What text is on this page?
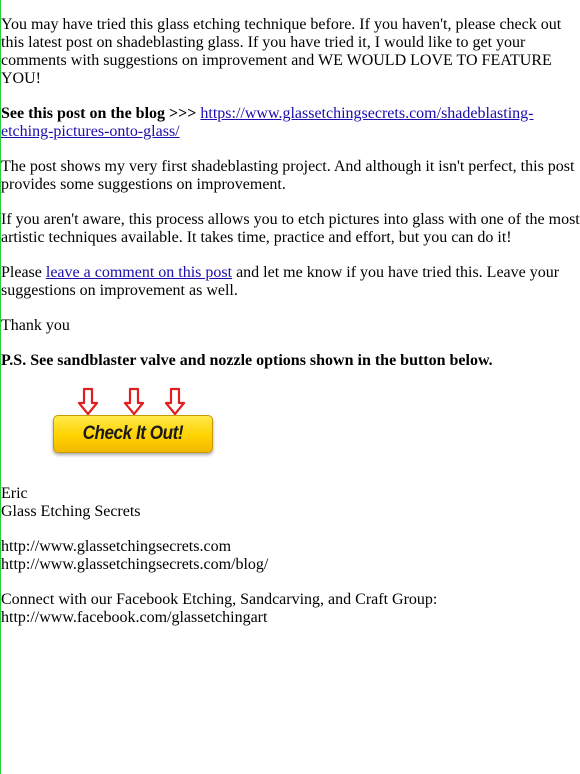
You may have tried this glass etching technique before. If you haven't, please check out this latest post on shadeblasting glass. If you have tried it, I would like to get your comments with suggestions on improvement and WE WOULD LOVE TO FEATURE YOU!

See this post on the blog >>> https://www.glassetchingsecrets.com/shadeblasting-etching-pictures-onto-glass/

The post shows my very first shadeblasting project. And although it isn't perfect, this post provides some suggestions on improvement.

If you aren't aware, this process allows you to etch pictures into glass with one of the most artistic techniques available. It takes time, practice and effort, but you can do it!

Please leave a comment on this post and let me know if you have tried this. Leave your suggestions on improvement as well.

Thank you

P.S. See sandblaster valve and nozzle options shown in the button below.

Check It Out!

Eric

Glass Etching Secrets

http://www.glassetchingsecrets.com

http://www.glassetchingsecrets.com/blog/

Connect with our Facebook Etching, Sandcarving, and Craft Group:

http://www.facebook.com/glassetchingart
